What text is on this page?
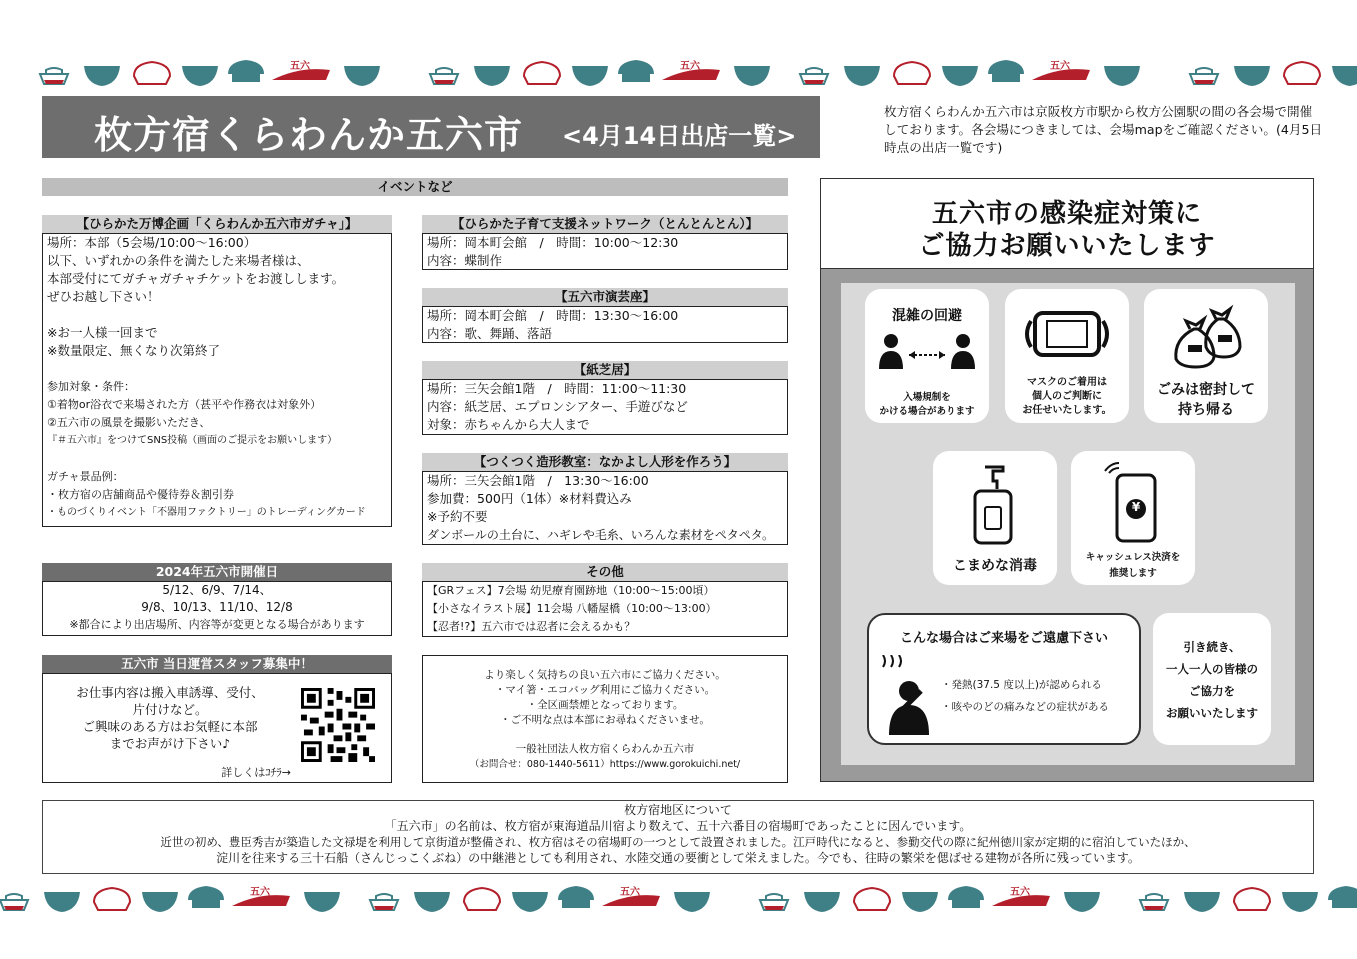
五六	五六	五六
枚方宿くらわんか五六市 <4月14日出店一覧>
枚方宿くらわんか五六市は京阪枚方市駅から枚方公園駅の間の各会場で開催しております。各会場につきましては、会場mapをご確認ください。(4月5日時点の出店一覧です)
イベントなど
【ひらかた万博企画「くらわんか五六市ガチャ」】
場所：本部（5会場/10:00～16:00）
以下、いずれかの条件を満たした来場者様は、
本部受付にてガチャガチャチケットをお渡しします。
ぜひお越し下さい！
※お一人様一回まで
※数量限定、無くなり次第終了
参加対象・条件：
①着物or浴衣で来場された方（甚平や作務衣は対象外）
②五六市の風景を撮影いただき、
『＃五六市』をつけてSNS投稿（画面のご提示をお願いします）
ガチャ景品例：
・枚方宿の店舗商品や優待券＆割引券
・ものづくりイベント「不器用ファクトリー」のトレーディングカード
2024年五六市開催日
5/12、6/9、7/14、
9/8、10/13、11/10、12/8
※都合により出店場所、内容等が変更となる場合があります
五六市 当日運営スタッフ募集中！
お仕事内容は搬入車誘導、受付、
片付けなど。
ご興味のある方はお気軽に本部
までお声がけ下さい♪
詳しくはｺﾁﾗ→
【ひらかた子育て支援ネットワーク（とんとんとん）】
場所：岡本町会館　/　時間：10:00～12:30
内容：蝶制作
【五六市演芸座】
場所：岡本町会館　/　時間：13:30～16:00
内容：歌、舞踊、落語
【紙芝居】
場所：三矢会館1階　/　時間：11:00～11:30
内容：紙芝居、エプロンシアター、手遊びなど
対象：赤ちゃんから大人まで
【つくつく造形教室：なかよし人形を作ろう】
場所：三矢会館1階　/　13:30～16:00
参加費：500円（1体）※材料費込み
※予約不要
ダンボールの土台に、ハギレや毛糸、いろんな素材をペタペタ。
その他
【GRフェス】7会場 幼児療育園跡地（10:00～15:00頃）
【小さなイラスト展】11会場 八幡屋橋（10:00～13:00）
【忍者!?】五六市では忍者に会えるかも？
より楽しく気持ちの良い五六市にご協力ください。
・マイ箸・エコバッグ利用にご協力ください。
・全区画禁煙となっております。
・ご不明な点は本部にお尋ねくださいませ。
一般社団法人枚方宿くらわんか五六市
（お問合せ：080-1440-5611）https://www.gorokuichi.net/
五六市の感染症対策に
ご協力お願いいたします
混雑の回避
入場規制を
かける場合があります
マスクのご着用は
個人のご判断に
お任せいたします。
ごみは密封して
持ち帰る
こまめな消毒
¥
キャッシュレス決済を
推奨します
こんな場合はご来場をご遠慮下さい
・発熱(37.5 度以上)が認められる
・咳やのどの痛みなどの症状がある
引き続き、
一人一人の皆様の
ご協力を
お願いいたします
枚方宿地区について
「五六市」の名前は、枚方宿が東海道品川宿より数えて、五十六番目の宿場町であったことに因んでいます。
近世の初め、豊臣秀吉が築造した文禄堤を利用して京街道が整備され、枚方宿はその宿場町の一つとして設置されました。江戸時代になると、参勤交代の際に紀州徳川家が定期的に宿泊していたほか、
淀川を往来する三十石船（さんじっこくぶね）の中継港としても利用され、水陸交通の要衝として栄えました。今でも、往時の繁栄を偲ばせる建物が各所に残っています。
五六	五六	五六
